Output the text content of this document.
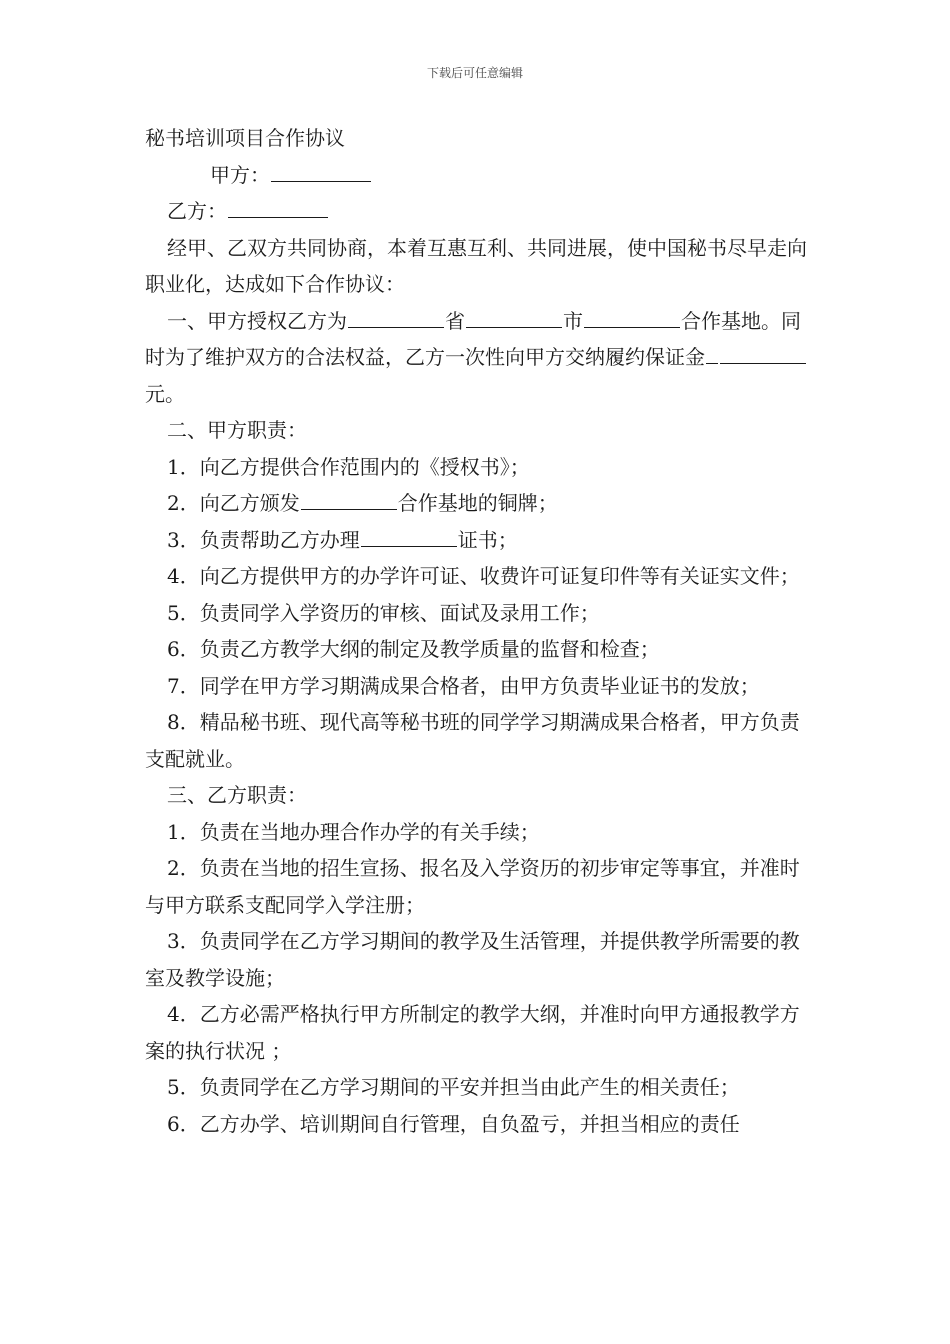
下载后可任意编辑

秘书培训项目合作协议

甲方：

乙方：

经甲、乙双方共同协商，本着互惠互利、共同进展，使中国秘书尽早走向职业化，达成如下合作协议：

一、甲方授权乙方为	省	市	合作基地。同时为了维护双方的合法权益，乙方一次性向甲方交纳履约保证金元。

二、甲方职责：

1．向乙方提供合作范围内的《授权书》；

2．向乙方颁发	合作基地的铜牌；

3．负责帮助乙方办理	证书；

4．向乙方提供甲方的办学许可证、收费许可证复印件等有关证实文件；

5．负责同学入学资历的审核、面试及录用工作；

6．负责乙方教学大纲的制定及教学质量的监督和检查；

7．同学在甲方学习期满成果合格者，由甲方负责毕业证书的发放；

8．精品秘书班、现代高等秘书班的同学学习期满成果合格者，甲方负责支配就业。

三、乙方职责：

1．负责在当地办理合作办学的有关手续；

2．负责在当地的招生宣扬、报名及入学资历的初步审定等事宜，并准时与甲方联系支配同学入学注册；

3．负责同学在乙方学习期间的教学及生活管理，并提供教学所需要的教室及教学设施；

4．乙方必需严格执行甲方所制定的教学大纲，并准时向甲方通报教学方案的执行状况 ；

5．负责同学在乙方学习期间的平安并担当由此产生的相关责任；

6．乙方办学、培训期间自行管理，自负盈亏，并担当相应的责任
